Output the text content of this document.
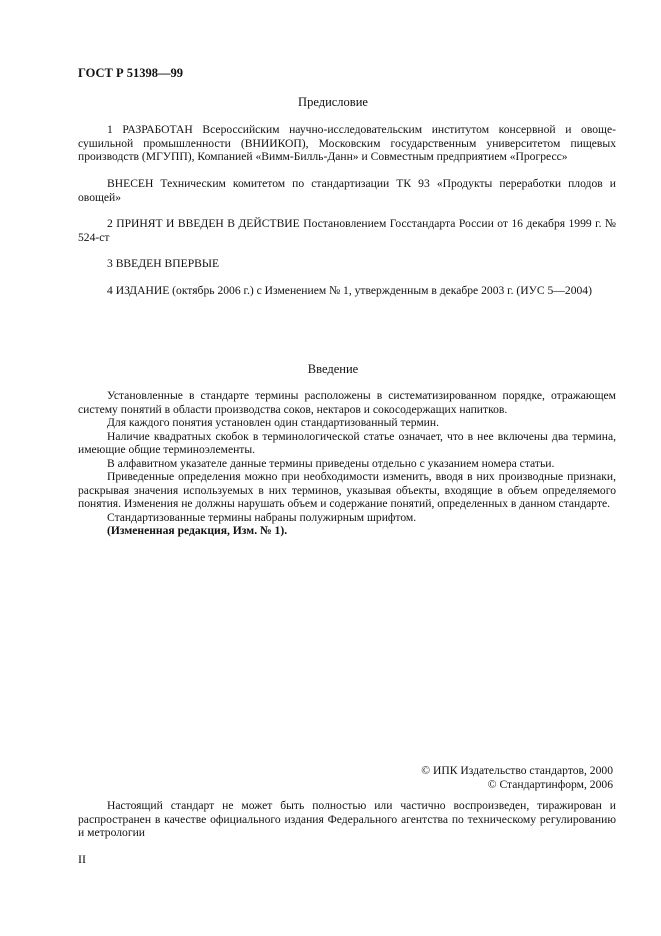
ГОСТ Р 51398—99
Предисловие

1 РАЗРАБОТАН Всероссийским научно-исследовательским институтом консервной и овощесушильной промышленности (ВНИИКОП), Московским государственным университетом пищевых производств (МГУПП), Компанией «Вимм-Билль-Данн» и Совместным предприятием «Прогресс»

ВНЕСЕН Техническим комитетом по стандартизации ТК 93 «Продукты переработки плодов и овощей»

2 ПРИНЯТ И ВВЕДЕН В ДЕЙСТВИЕ Постановлением Госстандарта России от 16 декабря 1999 г. № 524-ст

3 ВВЕДЕН ВПЕРВЫЕ

4 ИЗДАНИЕ (октябрь 2006 г.) с Изменением № 1, утвержденным в декабре 2003 г. (ИУС 5—2004)

Введение

Установленные в стандарте термины расположены в систематизированном порядке, отражающем систему понятий в области производства соков, нектаров и сокосодержащих напитков.

Для каждого понятия установлен один стандартизованный термин.

Наличие квадратных скобок в терминологической статье означает, что в нее включены два термина, имеющие общие терминоэлементы.

В алфавитном указателе данные термины приведены отдельно с указанием номера статьи.

Приведенные определения можно при необходимости изменить, вводя в них производные признаки, раскрывая значения используемых в них терминов, указывая объекты, входящие в объем определяемого понятия. Изменения не должны нарушать объем и содержание понятий, определенных в данном стандарте.

Стандартизованные термины набраны полужирным шрифтом.

(Измененная редакция, Изм. № 1).

© ИПК Издательство стандартов, 2000
© Стандартинформ, 2006

Настоящий стандарт не может быть полностью или частично воспроизведен, тиражирован и распространен в качестве официального издания Федерального агентства по техническому регулированию и метрологии

II
